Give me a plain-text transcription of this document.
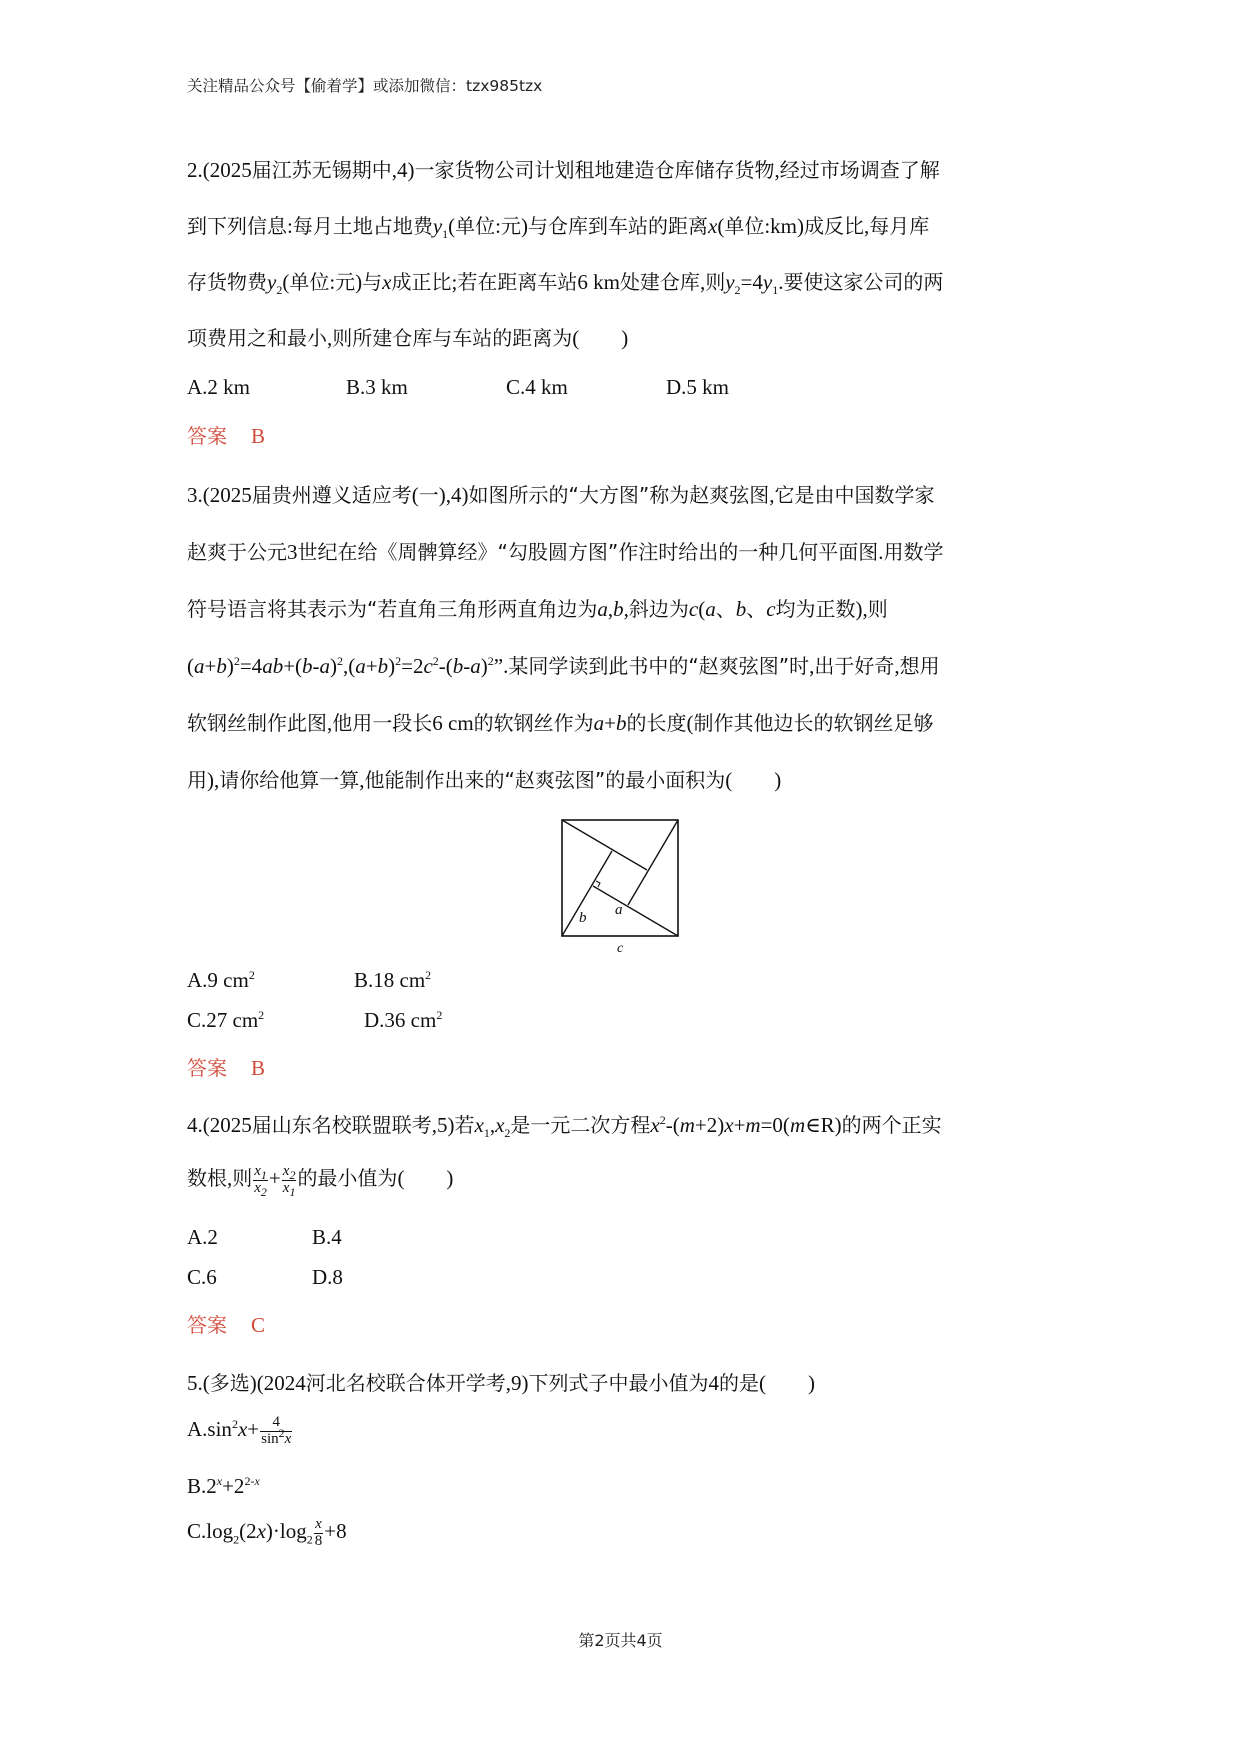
关注精品公众号【偷着学】或添加微信：tzx985tzx
2.(2025届江苏无锡期中,4)一家货物公司计划租地建造仓库储存货物,经过市场调查了解
到下列信息:每月土地占地费$y_1$(单位:元)与仓库到车站的距离x(单位:km)成反比,每月库
存货物费$y_2$(单位:元)与x成正比;若在距离车站6 km处建仓库,则$y_2=4y_1$.要使这家公司的两
项费用之和最小,则所建仓库与车站的距离为(　　)
A.2 km	B.3 km	C.4 km	D.5 km
答案 B
3.(2025届贵州遵义适应考(一),4)如图所示的“大方图”称为赵爽弦图,它是由中国数学家
赵爽于公元3世纪在给《周髀算经》“勾股圆方图”作注时给出的一种几何平面图.用数学
符号语言将其表示为“若直角三角形两直角边为a,b,斜边为c(a、b、c均为正数),则
$(a+b)^2=4ab+(b-a)^2,(a+b)^2=2c^2-(b-a)^2$”.某同学读到此书中的“赵爽弦图”时,出于好奇,想用
软钢丝制作此图,他用一段长6 cm的软钢丝作为a+b的长度(制作其他边长的软钢丝足够
用),请你给他算一算,他能制作出来的“赵爽弦图”的最小面积为(　　)
b a
c
A.9 $cm^2$	B.18 $cm^2$
C.27 $cm^2$	D.36 $cm^2$
答案 B
4.(2025届山东名校联盟联考,5)若$x_1,x_2$是一元二次方程$x^2-(m+2)x+m=0(m\in R)$的两个正实
数根,则 $\frac{x_1}{x_2} + \frac{x_2}{x_1}$ 的最小值为(　　)
A.2	B.4
C.6	D.8
答案 C
5.(多选)(2024河北名校联合体开学考,9)下列式子中最小值为4的是(　　)
$A.\sin^2x+ \frac{4}{\sin^2x}$
$B.2^x+2^{2-x}$
$C.\log_2(2x)\cdot\log_2 \frac{x}{8} +8$
第2页共4页
